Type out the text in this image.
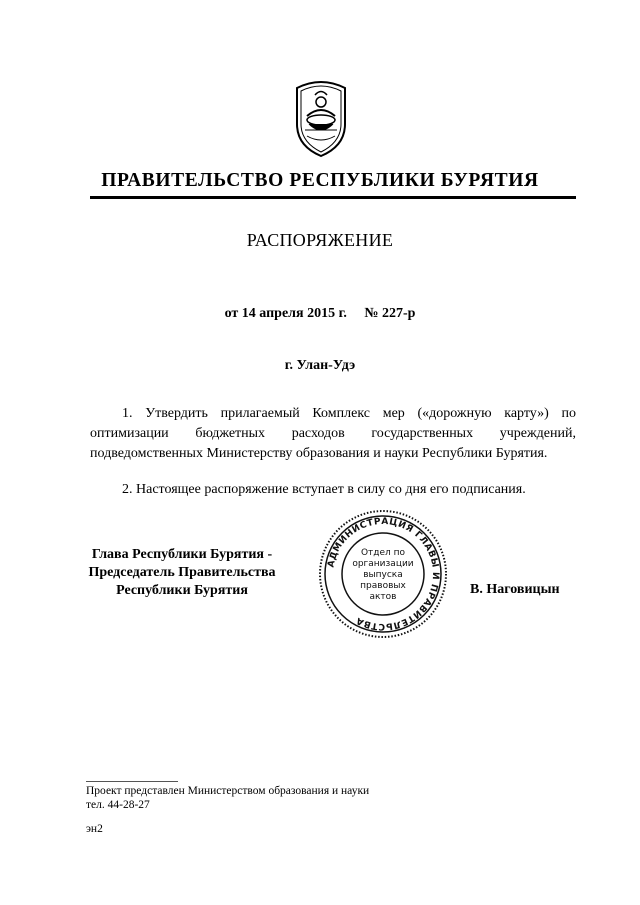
ПРАВИТЕЛЬСТВО РЕСПУБЛИКИ БУРЯТИЯ
РАСПОРЯЖЕНИЕ
от 14 апреля 2015 г. № 227-р
г. Улан-Удэ

1. Утвердить прилагаемый Комплекс мер («дорожную карту») по оптимизации бюджетных расходов государственных учреждений, подведомственных Министерству образования и науки Республики Бурятия.

2. Настоящее распоряжение вступает в силу со дня его подписания.

Глава Республики Бурятия -
Председатель Правительства
Республики Бурятия
АДМИНИСТРАЦИЯ ГЛАВЫ И ПРАВИТЕЛЬСТВА
Отдел по
организации
выпуска
правовых
актов	В. Наговицын
Проект представлен Министерством образования и науки
тел. 44-28-27
эн2
